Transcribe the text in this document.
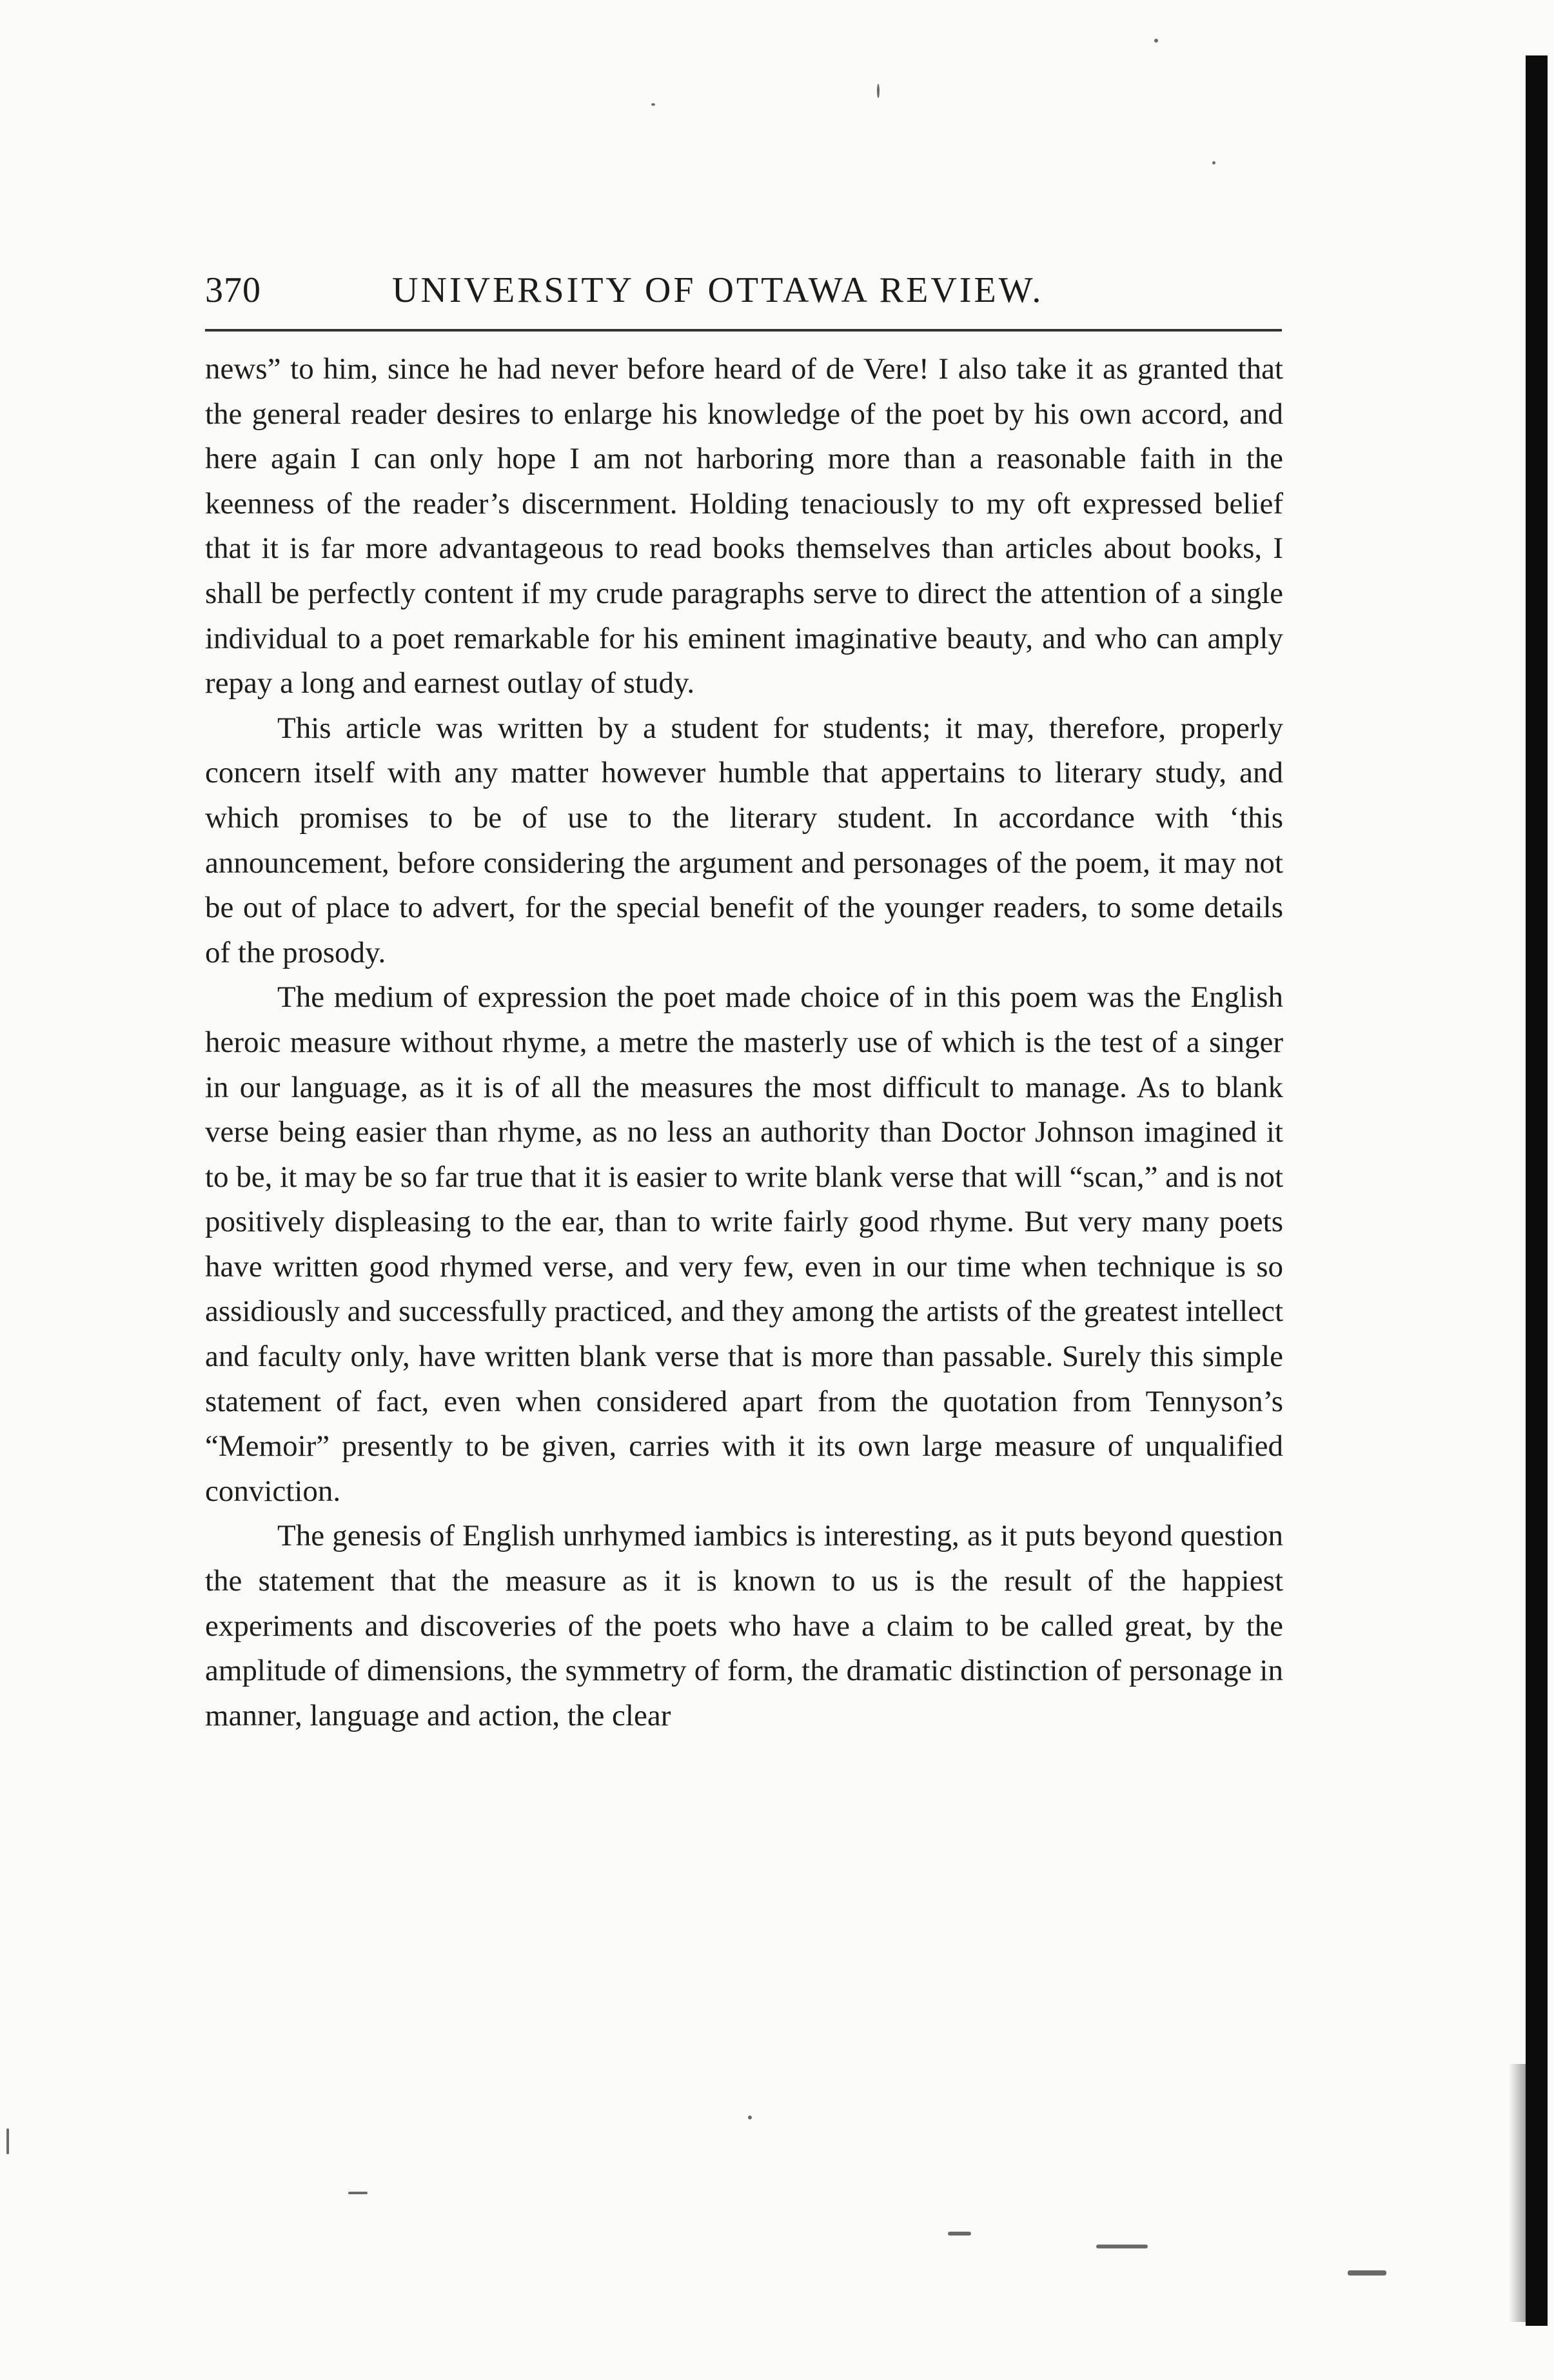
370	UNIVERSITY OF OTTAWA REVIEW.

news” to him, since he had never before heard of de Vere! I also take it as granted that the general reader desires to enlarge his knowledge of the poet by his own accord, and here again I can only hope I am not harboring more than a reasonable faith in the keenness of the reader’s discernment. Holding tenaciously to my oft expressed belief that it is far more advantageous to read books themselves than articles about books, I shall be perfectly content if my crude paragraphs serve to direct the attention of a single individual to a poet remarkable for his eminent imaginative beauty, and who can amply repay a long and earnest outlay of study.

This article was written by a student for students; it may, therefore, properly concern itself with any matter however humble that appertains to literary study, and which promises to be of use to the literary student. In accordance with ‘this announcement, before considering the argument and personages of the poem, it may not be out of place to advert, for the special benefit of the younger readers, to some details of the prosody.

The medium of expression the poet made choice of in this poem was the English heroic measure without rhyme, a metre the masterly use of which is the test of a singer in our language, as it is of all the measures the most difficult to manage. As to blank verse being easier than rhyme, as no less an authority than Doctor Johnson imagined it to be, it may be so far true that it is easier to write blank verse that will “scan,” and is not positively displeasing to the ear, than to write fairly good rhyme. But very many poets have written good rhymed verse, and very few, even in our time when technique is so assidiously and successfully practiced, and they among the artists of the greatest intellect and faculty only, have written blank verse that is more than passable. Surely this simple statement of fact, even when considered apart from the quotation from Tennyson’s “Memoir” presently to be given, carries with it its own large measure of unqualified conviction.

The genesis of English unrhymed iambics is interesting, as it puts beyond question the statement that the measure as it is known to us is the result of the happiest experiments and discoveries of the poets who have a claim to be called great, by the amplitude of dimensions, the symmetry of form, the dramatic distinction of personage in manner, language and action, the clear
